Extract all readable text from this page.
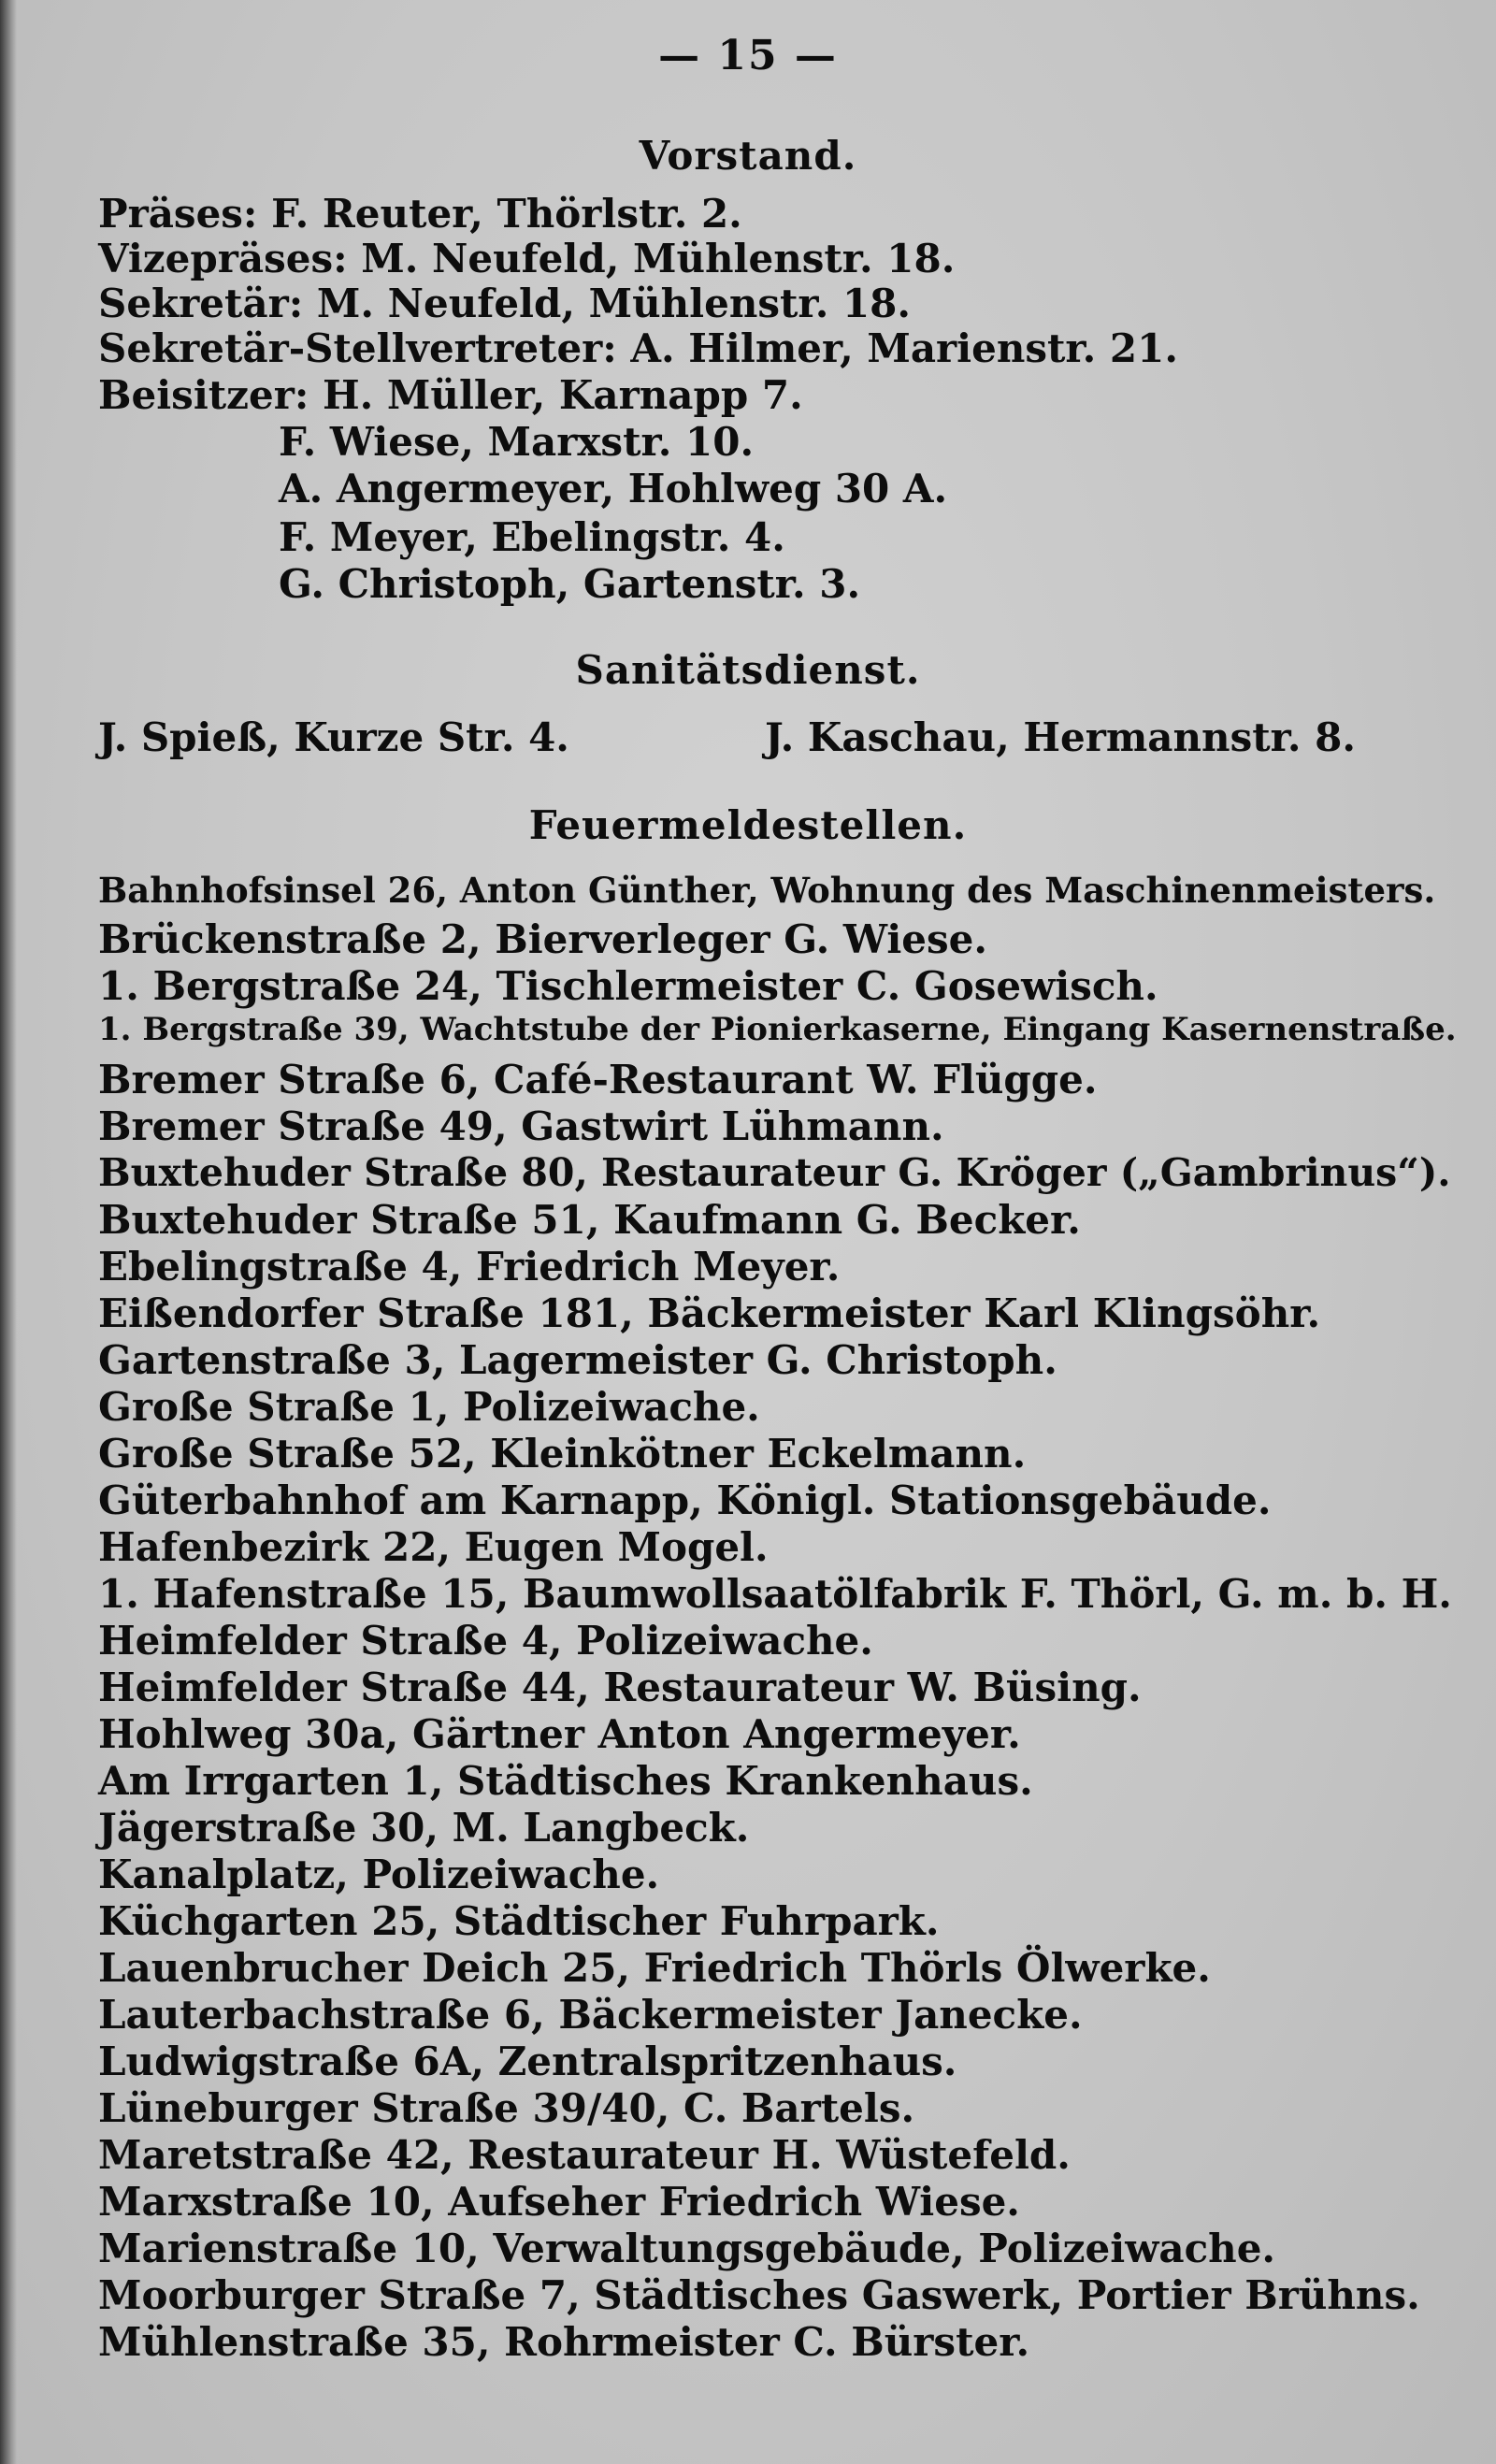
— 15 —
Vorstand.
Präses: F. Reuter, Thörlstr. 2.
Vizepräses: M. Neufeld, Mühlenstr. 18.
Sekretär: M. Neufeld, Mühlenstr. 18.
Sekretär-Stellvertreter: A. Hilmer, Marienstr. 21.
Beisitzer: H. Müller, Karnapp 7.
F. Wiese, Marxstr. 10.
A. Angermeyer, Hohlweg 30 A.
F. Meyer, Ebelingstr. 4.
G. Christoph, Gartenstr. 3.
Sanitätsdienst.
J. Spieß, Kurze Str. 4.	J. Kaschau, Hermannstr. 8.
Feuermeldestellen.
Bahnhofsinsel 26, Anton Günther, Wohnung des Maschinenmeisters.
Brückenstraße 2, Bierverleger G. Wiese.
1. Bergstraße 24, Tischlermeister C. Gosewisch.
1. Bergstraße 39, Wachtstube der Pionierkaserne, Eingang Kasernenstraße.
Bremer Straße 6, Café-Restaurant W. Flügge.
Bremer Straße 49, Gastwirt Lühmann.
Buxtehuder Straße 80, Restaurateur G. Kröger („Gambrinus“).
Buxtehuder Straße 51, Kaufmann G. Becker.
Ebelingstraße 4, Friedrich Meyer.
Eißendorfer Straße 181, Bäckermeister Karl Klingsöhr.
Gartenstraße 3, Lagermeister G. Christoph.
Große Straße 1, Polizeiwache.
Große Straße 52, Kleinkötner Eckelmann.
Güterbahnhof am Karnapp, Königl. Stationsgebäude.
Hafenbezirk 22, Eugen Mogel.
1. Hafenstraße 15, Baumwollsaatölfabrik F. Thörl, G. m. b. H.
Heimfelder Straße 4, Polizeiwache.
Heimfelder Straße 44, Restaurateur W. Büsing.
Hohlweg 30a, Gärtner Anton Angermeyer.
Am Irrgarten 1, Städtisches Krankenhaus.
Jägerstraße 30, M. Langbeck.
Kanalplatz, Polizeiwache.
Küchgarten 25, Städtischer Fuhrpark.
Lauenbrucher Deich 25, Friedrich Thörls Ölwerke.
Lauterbachstraße 6, Bäckermeister Janecke.
Ludwigstraße 6A, Zentralspritzenhaus.
Lüneburger Straße 39/40, C. Bartels.
Maretstraße 42, Restaurateur H. Wüstefeld.
Marxstraße 10, Aufseher Friedrich Wiese.
Marienstraße 10, Verwaltungsgebäude, Polizeiwache.
Moorburger Straße 7, Städtisches Gaswerk, Portier Brühns.
Mühlenstraße 35, Rohrmeister C. Bürster.
